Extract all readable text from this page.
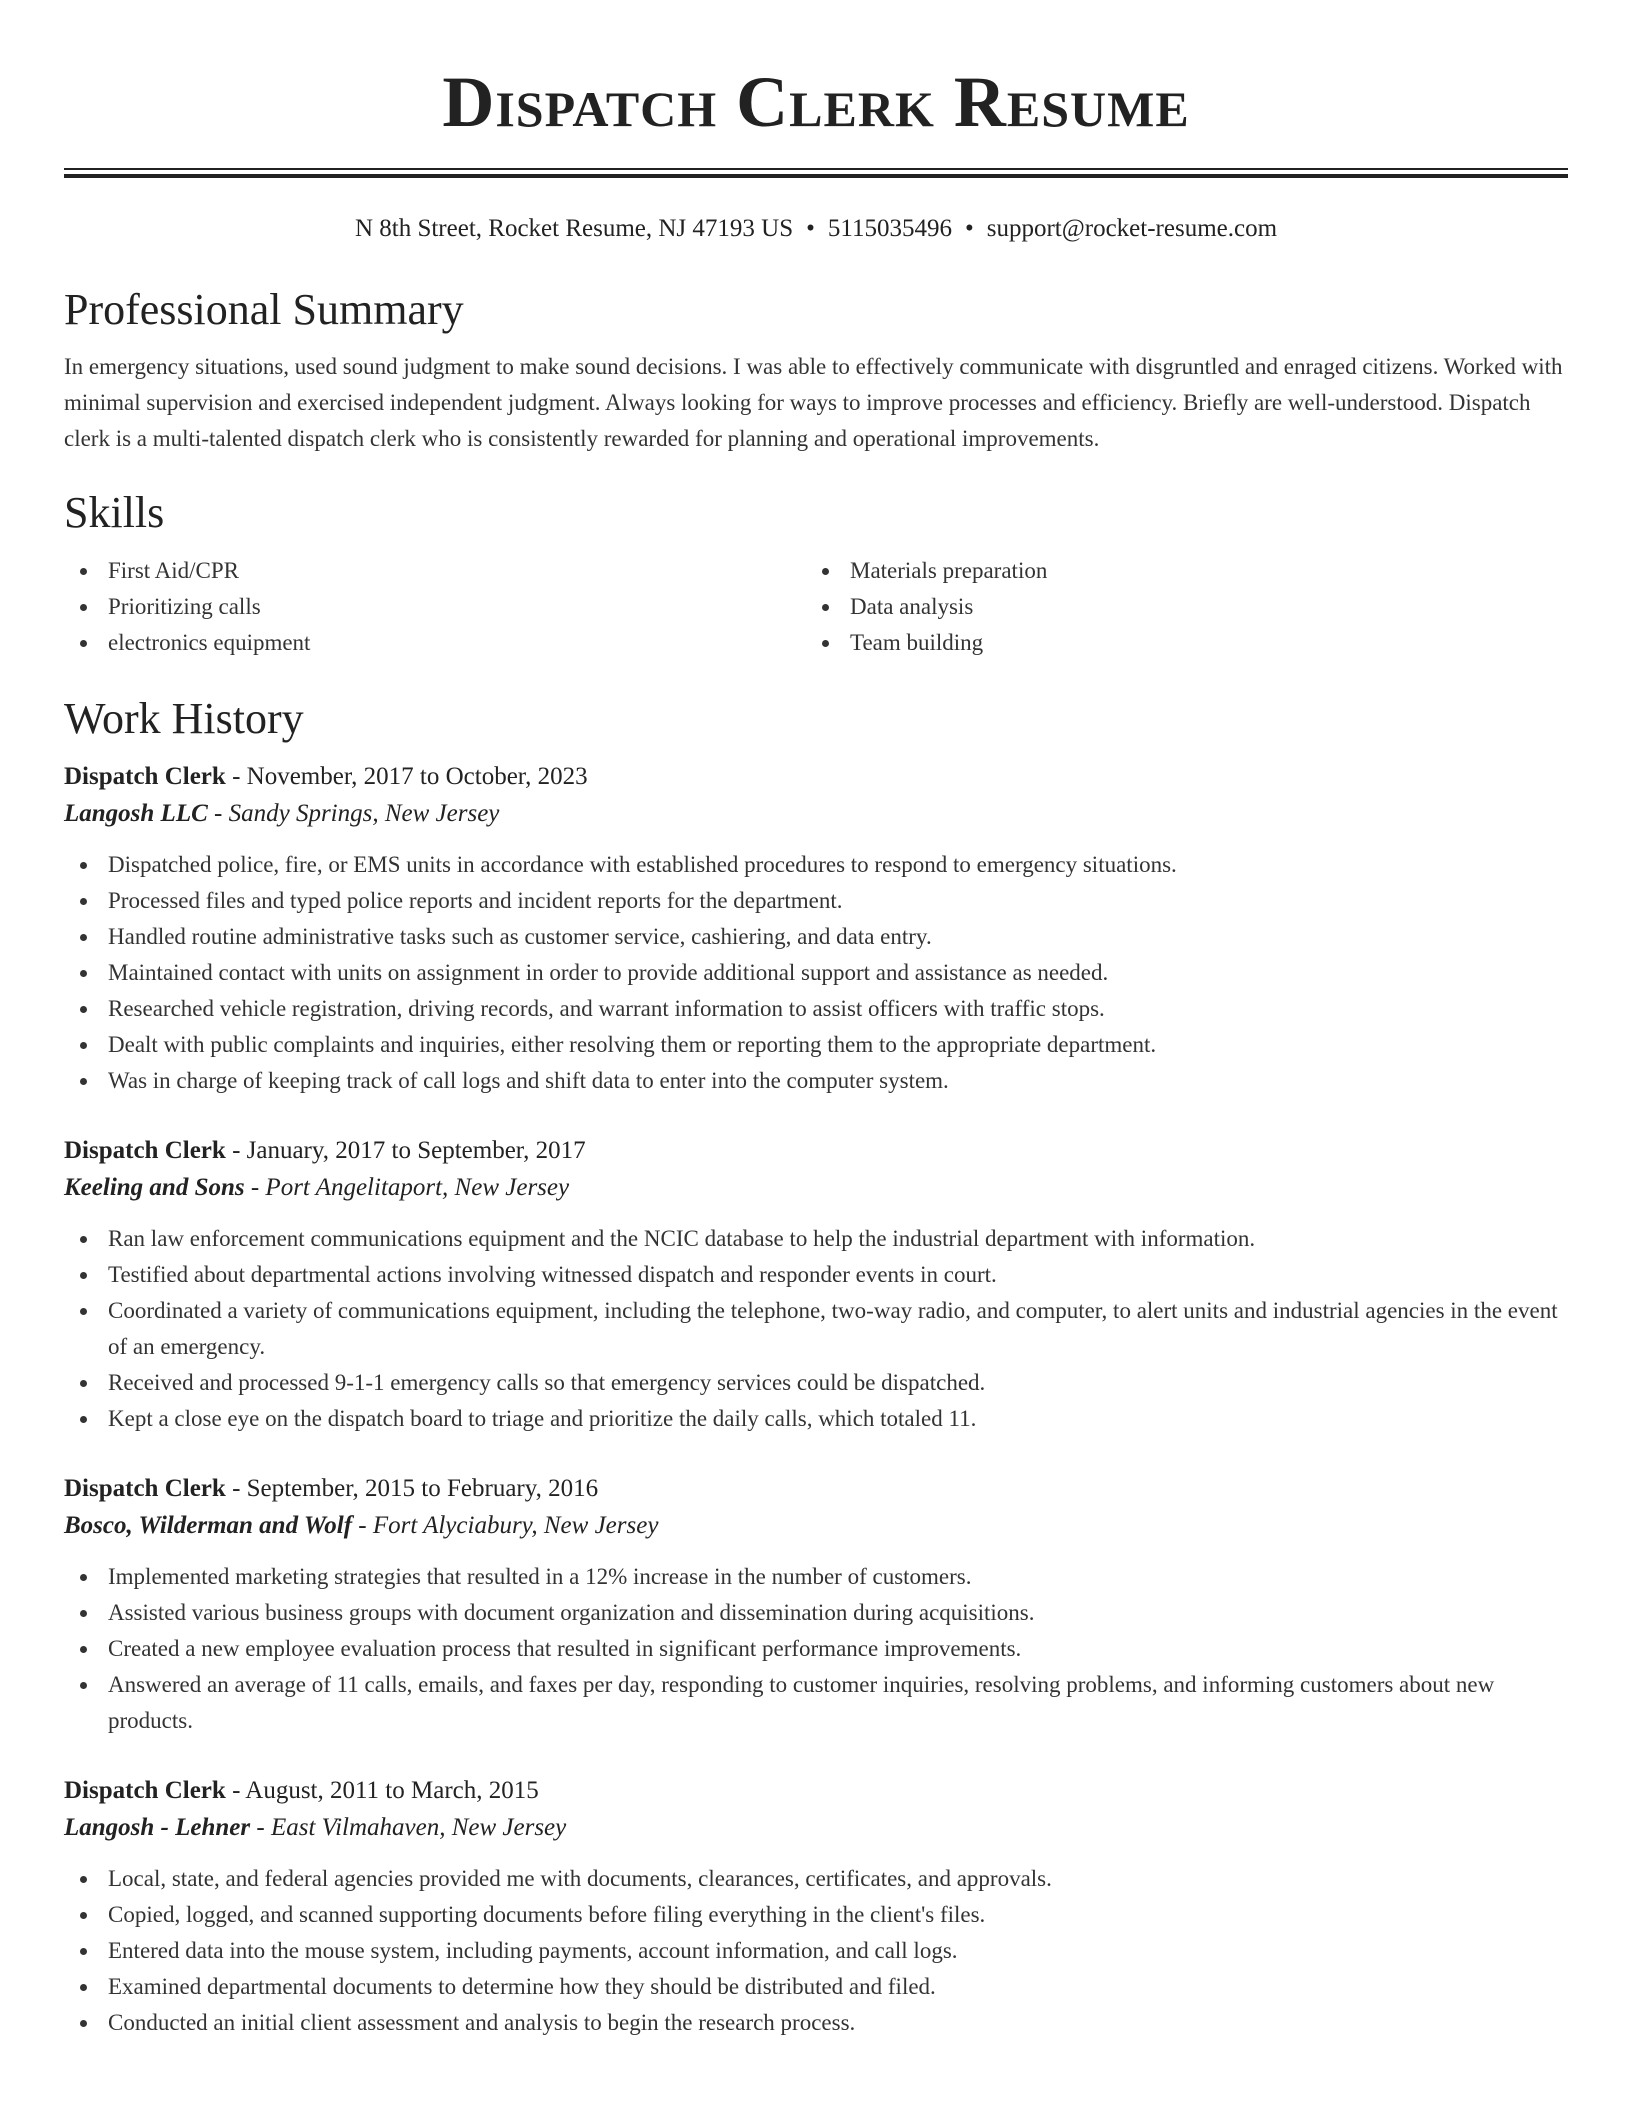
Dispatch Clerk Resume
N 8th Street, Rocket Resume, NJ 47193 US • 5115035496 • support@rocket-resume.com
Professional Summary
In emergency situations, used sound judgment to make sound decisions. I was able to effectively communicate with disgruntled and enraged citizens. Worked with minimal supervision and exercised independent judgment. Always looking for ways to improve processes and efficiency. Briefly are well-understood. Dispatch clerk is a multi-talented dispatch clerk who is consistently rewarded for planning and operational improvements.
Skills
First Aid/CPR
Prioritizing calls
electronics equipment
Materials preparation
Data analysis
Team building
Work History
Dispatch Clerk - November, 2017 to October, 2023
Langosh LLC - Sandy Springs, New Jersey
Dispatched police, fire, or EMS units in accordance with established procedures to respond to emergency situations.
Processed files and typed police reports and incident reports for the department.
Handled routine administrative tasks such as customer service, cashiering, and data entry.
Maintained contact with units on assignment in order to provide additional support and assistance as needed.
Researched vehicle registration, driving records, and warrant information to assist officers with traffic stops.
Dealt with public complaints and inquiries, either resolving them or reporting them to the appropriate department.
Was in charge of keeping track of call logs and shift data to enter into the computer system.
Dispatch Clerk - January, 2017 to September, 2017
Keeling and Sons - Port Angelitaport, New Jersey
Ran law enforcement communications equipment and the NCIC database to help the industrial department with information.
Testified about departmental actions involving witnessed dispatch and responder events in court.
Coordinated a variety of communications equipment, including the telephone, two-way radio, and computer, to alert units and industrial agencies in the event of an emergency.
Received and processed 9-1-1 emergency calls so that emergency services could be dispatched.
Kept a close eye on the dispatch board to triage and prioritize the daily calls, which totaled 11.
Dispatch Clerk - September, 2015 to February, 2016
Bosco, Wilderman and Wolf - Fort Alyciabury, New Jersey
Implemented marketing strategies that resulted in a 12% increase in the number of customers.
Assisted various business groups with document organization and dissemination during acquisitions.
Created a new employee evaluation process that resulted in significant performance improvements.
Answered an average of 11 calls, emails, and faxes per day, responding to customer inquiries, resolving problems, and informing customers about new products.
Dispatch Clerk - August, 2011 to March, 2015
Langosh - Lehner - East Vilmahaven, New Jersey
Local, state, and federal agencies provided me with documents, clearances, certificates, and approvals.
Copied, logged, and scanned supporting documents before filing everything in the client's files.
Entered data into the mouse system, including payments, account information, and call logs.
Examined departmental documents to determine how they should be distributed and filed.
Conducted an initial client assessment and analysis to begin the research process.
